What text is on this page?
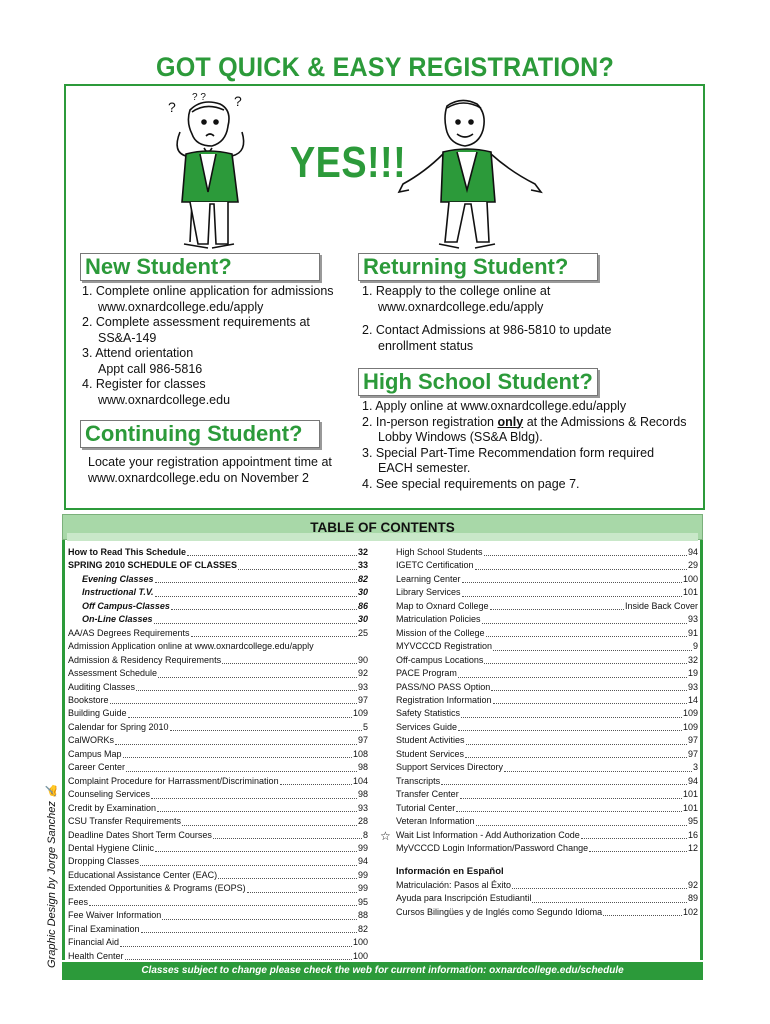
GOT QUICK & EASY REGISTRATION?
?	?
? ?
YES!!!
New Student?
1. Complete online application for admissions
www.oxnardcollege.edu/apply
2. Complete assessment requirements at
SS&A-149
3. Attend orientation
Appt call 986-5816
4. Register for classes
www.oxnardcollege.edu
Returning Student?
1. Reapply to the college online at
www.oxnardcollege.edu/apply
2. Contact Admissions at 986-5810 to update
enrollment status
Continuing Student?
Locate your registration appointment time at
www.oxnardcollege.edu on November 2
High School Student?
1. Apply online at www.oxnardcollege.edu/apply
2. In-person registration only at the Admissions & Records
Lobby Windows (SS&A Bldg).
3. Special Part-Time Recommendation form required
EACH semester.
4. See special requirements on page 7.
TABLE OF CONTENTS
How to Read This Schedule	32
SPRING 2010 SCHEDULE OF CLASSES	33
Evening Classes	82
Instructional T.V.	30
Off Campus-Classes	86
On-Line Classes	30
AA/AS Degrees Requirements	25
Admission Application online at www.oxnardcollege.edu/apply
Admission & Residency Requirements	90
Assessment Schedule	92
Auditing Classes	93
Bookstore	97
Building Guide	109
Calendar for Spring 2010	5
CalWORKs	97
Campus Map	108
Career Center	98
Complaint Procedure for Harrassment/Discrimination	104
Counseling Services	98
Credit by Examination	93
CSU Transfer Requirements	28
Deadline Dates Short Term Courses	8
Dental Hygiene Clinic	99
Dropping Classes	94
Educational Assistance Center (EAC)	99
Extended Opportunities & Programs (EOPS)	99
Fees	95
Fee Waiver Information	88
Final Examination	82
Financial Aid	100
Health Center	100
High School Students	94
IGETC Certification	29
Learning Center	100
Library Services	101
Map to Oxnard College	Inside Back Cover
Matriculation Policies	93
Mission of the College	91
MYVCCCD Registration	9
Off-campus Locations	32
PACE Program	19
PASS/NO PASS Option	93
Registration Information	14
Safety Statistics	109
Services Guide	109
Student Activities	97
Student Services	97
Support Services Directory	3
Transcripts	94
Transfer Center	101
Tutorial Center	101
Veteran Information	95
Wait List Information - Add Authorization Code	16
MyVCCCD Login Information/Password Change	12
Información en Español
Matriculación: Pasos al Éxito	92
Ayuda para Inscripción Estudiantil	89
Cursos Bilingües y de Inglés como Segundo Idioma	102
☆
Classes subject to change please check the web for current information: oxnardcollege.edu/schedule
Graphic Design by Jorge Sanchez ✍
